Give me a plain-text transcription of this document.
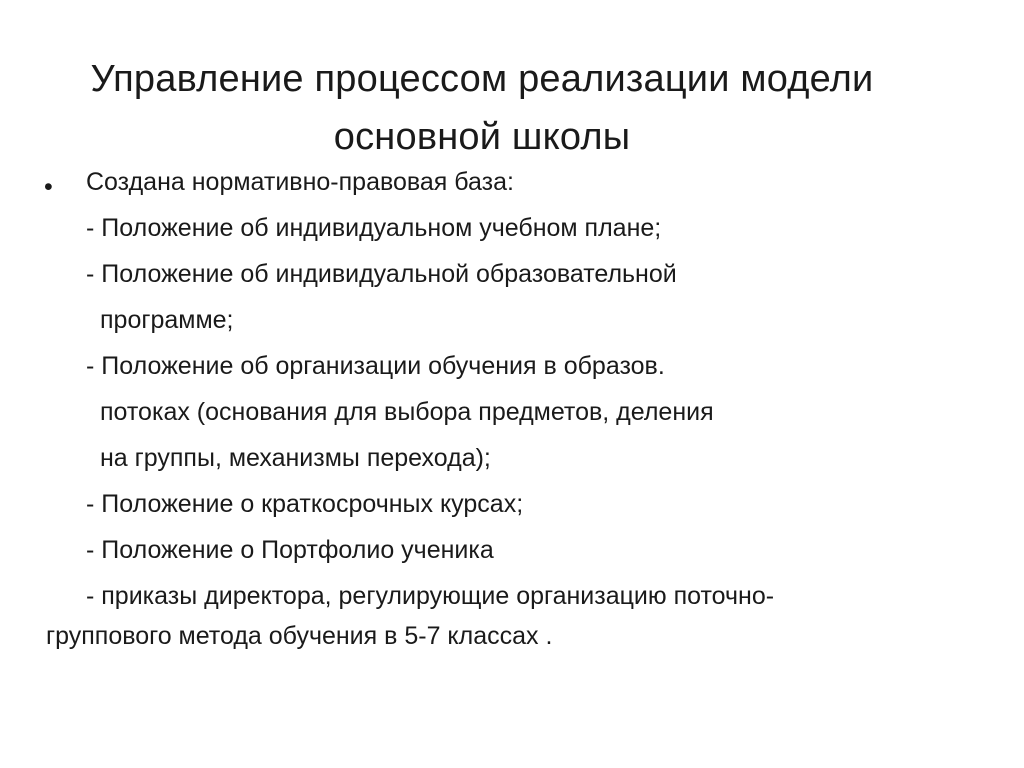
Управление процессом реализации модели
основной школы
• Создана нормативно-правовая база:
- Положение об индивидуальном учебном плане;
- Положение об индивидуальной образовательной
программе;
- Положение об организации обучения в образов.
потоках (основания для выбора предметов, деления
на группы, механизмы перехода);
- Положение о краткосрочных курсах;
- Положение о Портфолио ученика
- приказы директора, регулирующие организацию поточно-
группового метода обучения в 5-7 классах .
